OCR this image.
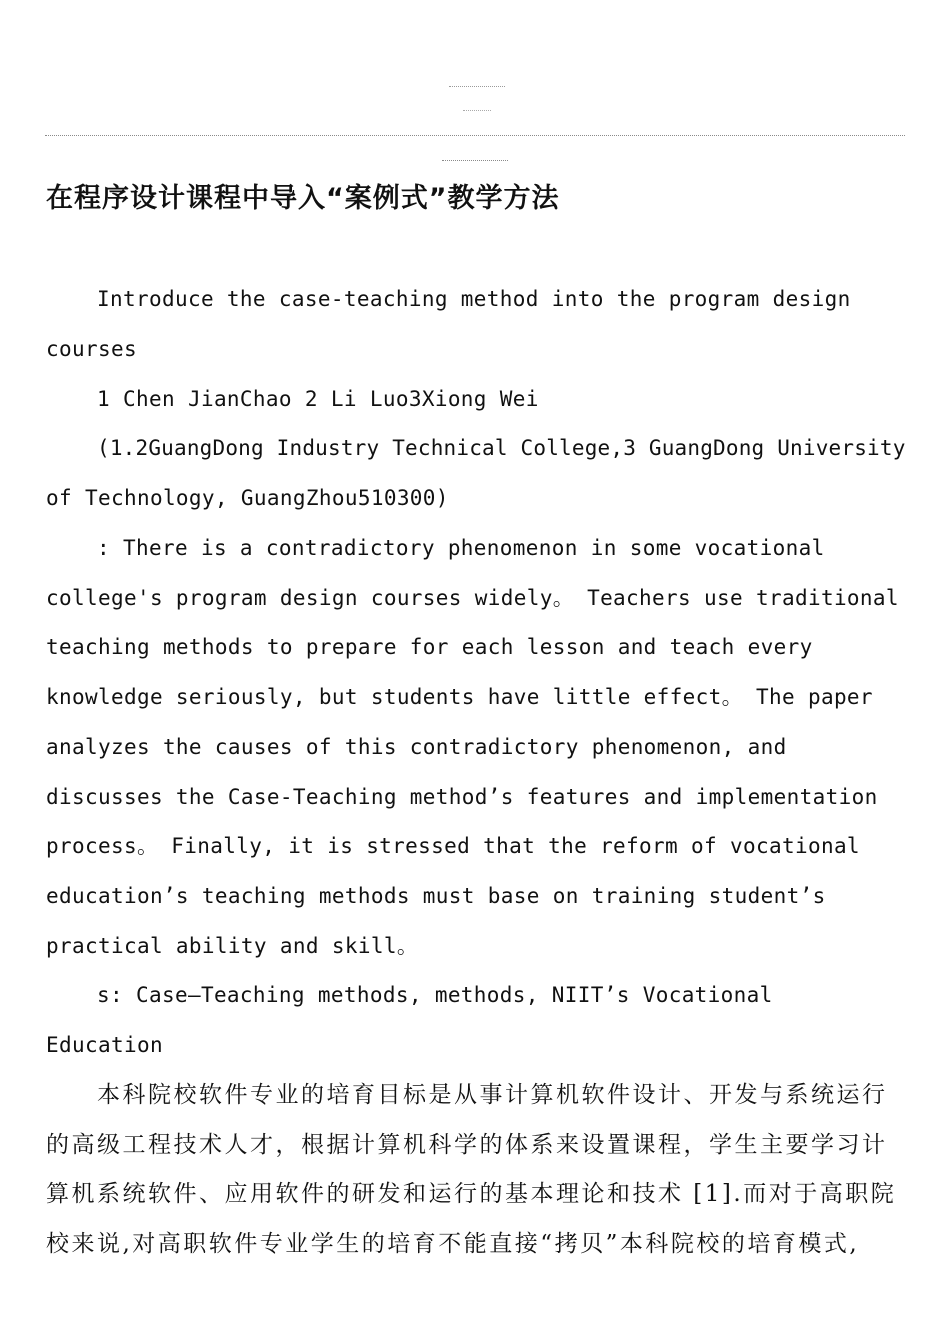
在程序设计课程中导入“案例式”教学方法
Introduce the case-teaching method into the program design
courses
1 Chen JianChao 2 Li Luo3Xiong Wei
(1.2GuangDong Industry Technical College,3 GuangDong University
of Technology, GuangZhou510300)
: There is a contradictory phenomenon in some vocational
college's program design courses widely。 Teachers use traditional
teaching methods to prepare for each lesson and teach every
knowledge seriously, but students have little effect。 The paper
analyzes the causes of this contradictory phenomenon, and
discusses the Case-Teaching method’s features and implementation
process。 Finally, it is stressed that the reform of vocational
education’s teaching methods must base on training student’s
practical ability and skill。
s: Case—Teaching methods, methods, NIIT’s Vocational
Education
本科院校软件专业的培育目标是从事计算机软件设计、开发与系统运行
的高级工程技术人才，根据计算机科学的体系来设置课程，学生主要学习计
算机系统软件、应用软件的研发和运行的基本理论和技术 [1].而对于高职院
校来说,对高职软件专业学生的培育不能直接“拷贝”本科院校的培育模式,
